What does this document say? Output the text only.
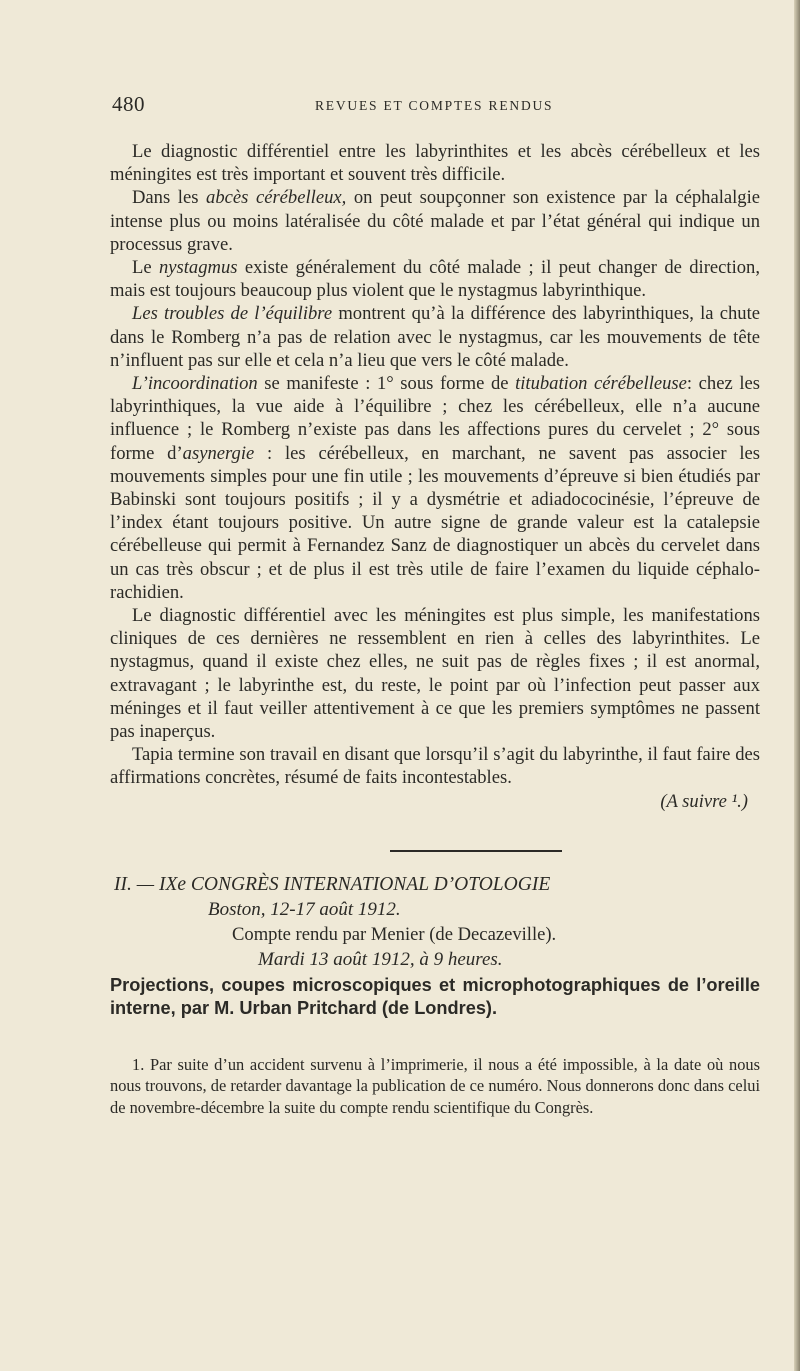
480	REVUES ET COMPTES RENDUS

Le diagnostic différentiel entre les labyrinthites et les abcès cérébelleux et les méningites est très important et souvent très difficile.

Dans les abcès cérébelleux, on peut soupçonner son existence par la céphalalgie intense plus ou moins latéralisée du côté malade et par l’état général qui indique un processus grave.

Le nystagmus existe généralement du côté malade ; il peut changer de direction, mais est toujours beaucoup plus violent que le nystagmus labyrinthique.

Les troubles de l’équilibre montrent qu’à la différence des labyrinthiques, la chute dans le Romberg n’a pas de relation avec le nystagmus, car les mouvements de tête n’influent pas sur elle et cela n’a lieu que vers le côté malade.

L’incoordination se manifeste : 1° sous forme de titubation cérébelleuse: chez les labyrinthiques, la vue aide à l’équilibre ; chez les cérébelleux, elle n’a aucune influence ; le Romberg n’existe pas dans les affections pures du cervelet ; 2° sous forme d’asynergie : les cérébelleux, en marchant, ne savent pas associer les mouvements simples pour une fin utile ; les mouvements d’épreuve si bien étudiés par Babinski sont toujours positifs ; il y a dysmétrie et adiadococinésie, l’épreuve de l’index étant toujours positive. Un autre signe de grande valeur est la catalepsie cérébelleuse qui permit à Fernandez Sanz de diagnostiquer un abcès du cervelet dans un cas très obscur ; et de plus il est très utile de faire l’examen du liquide céphalo-rachidien.

Le diagnostic différentiel avec les méningites est plus simple, les manifestations cliniques de ces dernières ne ressemblent en rien à celles des labyrinthites. Le nystagmus, quand il existe chez elles, ne suit pas de règles fixes ; il est anormal, extravagant ; le labyrinthe est, du reste, le point par où l’infection peut passer aux méninges et il faut veiller attentivement à ce que les premiers symptômes ne passent pas inaperçus.

Tapia termine son travail en disant que lorsqu’il s’agit du labyrinthe, il faut faire des affirmations concrètes, résumé de faits incontestables.

(A suivre ¹.)

II. — IXe CONGRÈS INTERNATIONAL D’OTOLOGIE

Boston, 12-17 août 1912.

Compte rendu par Menier (de Decazeville).

Mardi 13 août 1912, à 9 heures.

Projections, coupes microscopiques et microphotographiques de l’oreille interne, par M. Urban Pritchard (de Londres).

1. Par suite d’un accident survenu à l’imprimerie, il nous a été impossible, à la date où nous nous trouvons, de retarder davantage la publication de ce numéro. Nous donnerons donc dans celui de novembre-décembre la suite du compte rendu scientifique du Congrès.
